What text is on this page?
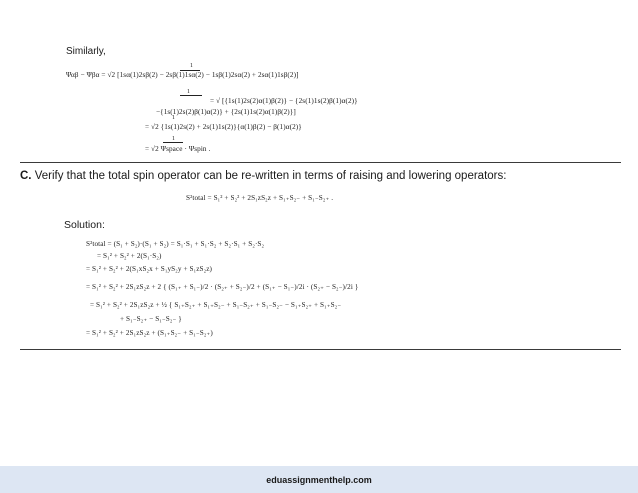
Similarly,
Ψαβ − Ψβα = √2 [1sα(1)2sβ(2) − 2sβ(1)1sα(2) − 1sβ(1)2sα(2) + 2sα(1)1sβ(2)]
1
1
= √ [{1s(1)2s(2)α(1)β(2)} − {2s(1)1s(2)β(1)α(2)}
−{1s(1)2s(2)β(1)α(2)} + {2s(1)1s(2)α(1)β(2)}]
1
= √2 {1s(1)2s(2) + 2s(1)1s(2)}{α(1)β(2) − β(1)α(2)}
1
= √2 Ψspace · Ψspin .
C. Verify that the total spin operator can be re-written in terms of raising and lowering operators:
S²total = S₁² + S₂² + 2S₁zS₂z + S₁₊S₂₋ + S₁₋S₂₊ .
Solution:
S²total = (S₁ + S₂)·(S₁ + S₂) = S₁·S₁ + S₁·S₂ + S₂·S₁ + S₂·S₂
= S₁² + S₂² + 2(S₁·S₂)
= S₁² + S₂² + 2(S₁xS₂x + S₁yS₂y + S₁zS₂z)
= S₁² + S₂² + 2S₁zS₂z + 2 { (S₁₊ + S₁₋)/2 · (S₂₊ + S₂₋)/2 + (S₁₊ − S₁₋)/2i · (S₂₊ − S₂₋)/2i }
= S₁² + S₂² + 2S₁zS₂z + ½ { S₁₊S₂₊ + S₁₊S₂₋ + S₁₋S₂₊ + S₁₋S₂₋ − S₁₊S₂₊ + S₁₊S₂₋
+ S₁₋S₂₊ − S₁₋S₂₋ }
= S₁² + S₂² + 2S₁zS₂z + (S₁₊S₂₋ + S₁₋S₂₊)
eduassignmenthelp.com
